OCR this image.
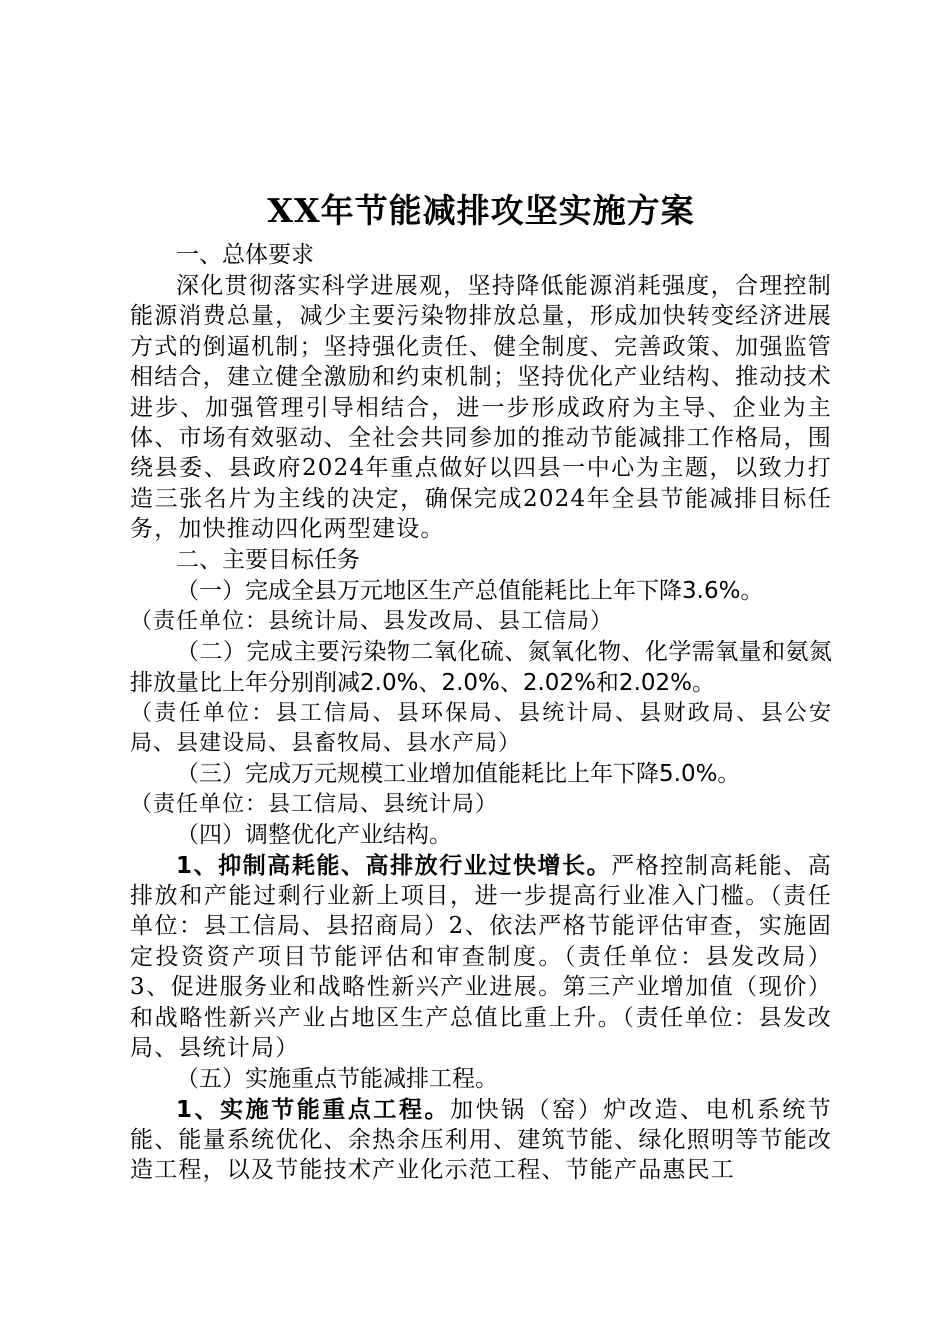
XX年节能减排攻坚实施方案

一、总体要求

深化贯彻落实科学进展观，坚持降低能源消耗强度，合理控制能源消费总量，减少主要污染物排放总量，形成加快转变经济进展方式的倒逼机制；坚持强化责任、健全制度、完善政策、加强监管相结合，建立健全激励和约束机制；坚持优化产业结构、推动技术进步、加强管理引导相结合，进一步形成政府为主导、企业为主体、市场有效驱动、全社会共同参加的推动节能减排工作格局，围绕县委、县政府2024年重点做好以四县一中心为主题，以致力打造三张名片为主线的决定，确保完成2024年全县节能减排目标任务，加快推动四化两型建设。

二、主要目标任务

（一）完成全县万元地区生产总值能耗比上年下降3.6%。

（责任单位：县统计局、县发改局、县工信局）

（二）完成主要污染物二氧化硫、氮氧化物、化学需氧量和氨氮排放量比上年分别削减2.0%、2.0%、2.02%和2.02%。

（责任单位：县工信局、县环保局、县统计局、县财政局、县公安局、县建设局、县畜牧局、县水产局）

（三）完成万元规模工业增加值能耗比上年下降5.0%。

（责任单位：县工信局、县统计局）

（四）调整优化产业结构。

1、抑制高耗能、高排放行业过快增长。严格控制高耗能、高排放和产能过剩行业新上项目，进一步提高行业准入门槛。（责任单位：县工信局、县招商局）2、依法严格节能评估审查，实施固定投资资产项目节能评估和审查制度。（责任单位：县发改局）3、促进服务业和战略性新兴产业进展。第三产业增加值（现价）和战略性新兴产业占地区生产总值比重上升。（责任单位：县发改局、县统计局）

（五）实施重点节能减排工程。

1、实施节能重点工程。加快锅（窑）炉改造、电机系统节能、能量系统优化、余热余压利用、建筑节能、绿化照明等节能改造工程，以及节能技术产业化示范工程、节能产品惠民工
